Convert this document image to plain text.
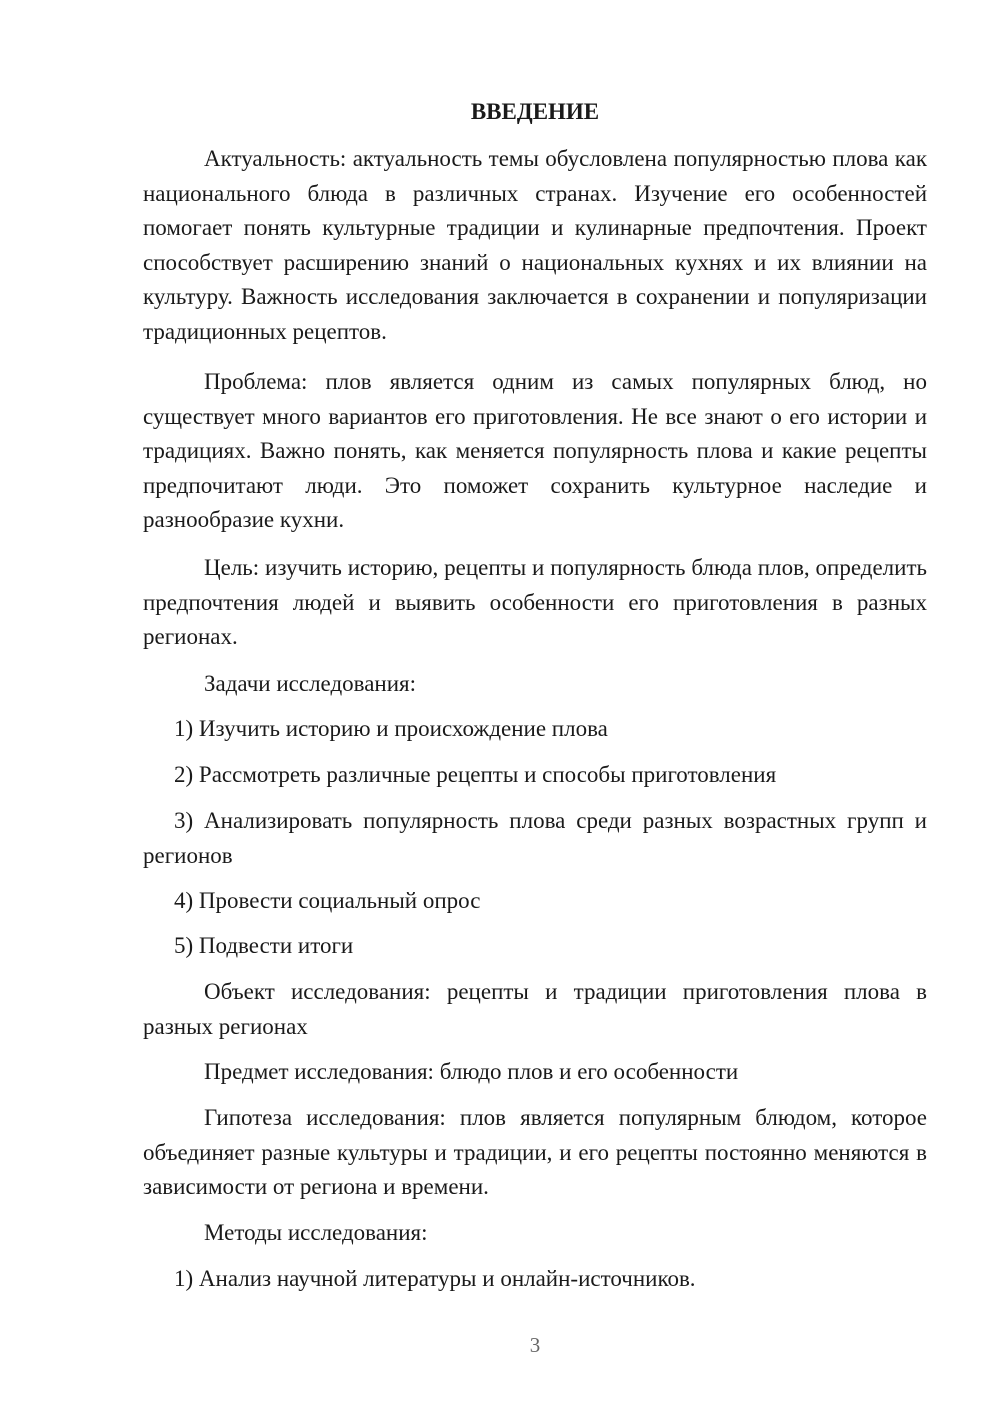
ВВЕДЕНИЕ

Актуальность: актуальность темы обусловлена популярностью плова как национального блюда в различных странах. Изучение его особенностей помогает понять культурные традиции и кулинарные предпочтения. Проект способствует расширению знаний о национальных кухнях и их влиянии на культуру. Важность исследования заключается в сохранении и популяризации традиционных рецептов.

Проблема: плов является одним из самых популярных блюд, но существует много вариантов его приготовления. Не все знают о его истории и традициях. Важно понять, как меняется популярность плова и какие рецепты предпочитают люди. Это поможет сохранить культурное наследие и разнообразие кухни.

Цель: изучить историю, рецепты и популярность блюда плов, определить предпочтения людей и выявить особенности его приготовления в разных регионах.

Задачи исследования:

1) Изучить историю и происхождение плова

2) Рассмотреть различные рецепты и способы приготовления

3) Анализировать популярность плова среди разных возрастных групп и регионов

4) Провести социальный опрос

5) Подвести итоги

Объект исследования: рецепты и традиции приготовления плова в разных регионах

Предмет исследования: блюдо плов и его особенности

Гипотеза исследования: плов является популярным блюдом, которое объединяет разные культуры и традиции, и его рецепты постоянно меняются в зависимости от региона и времени.

Методы исследования:

1) Анализ научной литературы и онлайн-источников.

3
